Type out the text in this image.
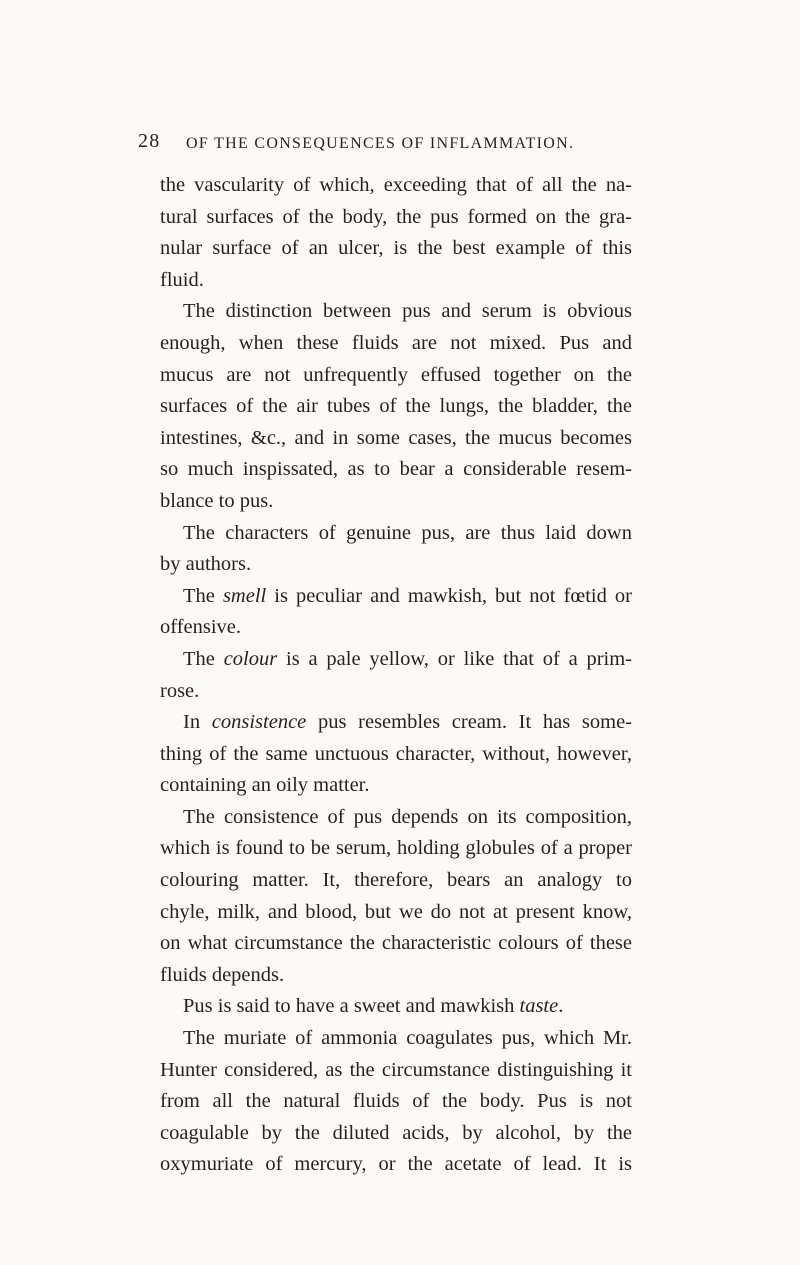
28 OF THE CONSEQUENCES OF INFLAMMATION.
the vascularity of which, exceeding that of all the na-
tural surfaces of the body, the pus formed on the gra-
nular surface of an ulcer, is the best example of this
fluid.
The distinction between pus and serum is obvious
enough, when these fluids are not mixed. Pus and
mucus are not unfrequently effused together on the
surfaces of the air tubes of the lungs, the bladder, the
intestines, &c., and in some cases, the mucus becomes
so much inspissated, as to bear a considerable resem-
blance to pus.
The characters of genuine pus, are thus laid down
by authors.
The smell is peculiar and mawkish, but not fœtid or
offensive.
The colour is a pale yellow, or like that of a prim-
rose.
In consistence pus resembles cream. It has some-
thing of the same unctuous character, without, however,
containing an oily matter.
The consistence of pus depends on its composition,
which is found to be serum, holding globules of a proper
colouring matter. It, therefore, bears an analogy to
chyle, milk, and blood, but we do not at present know,
on what circumstance the characteristic colours of these
fluids depends.
Pus is said to have a sweet and mawkish taste.
The muriate of ammonia coagulates pus, which Mr.
Hunter considered, as the circumstance distinguishing it
from all the natural fluids of the body. Pus is not
coagulable by the diluted acids, by alcohol, by the
oxymuriate of mercury, or the acetate of lead. It is
